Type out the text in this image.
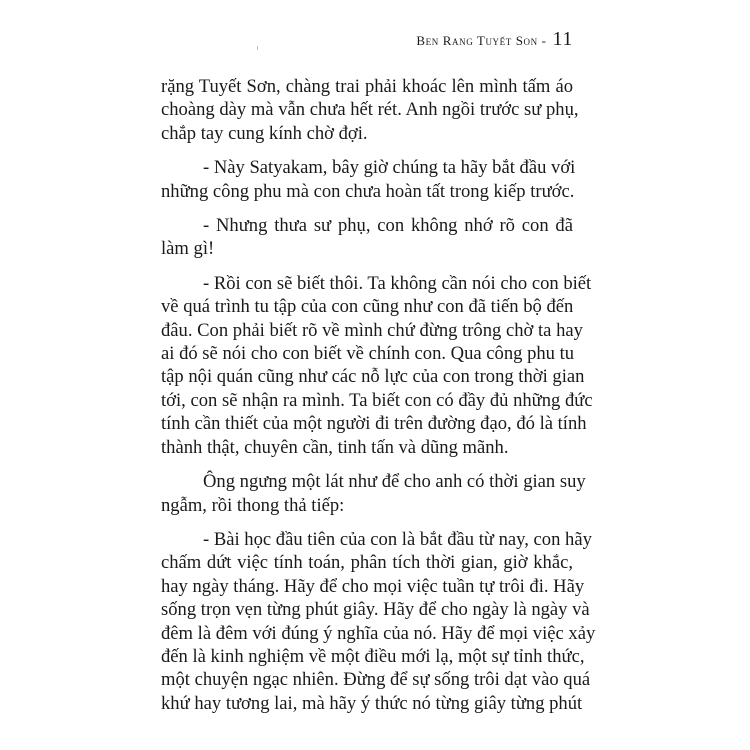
Ben Rang Tuyết Son - 11
rặng Tuyết Sơn, chàng trai phải khoác lên mình tấm áo
choàng dày mà vẫn chưa hết rét. Anh ngồi trước sư phụ,
chắp tay cung kính chờ đợi.
- Này Satyakam, bây giờ chúng ta hãy bắt đầu với
những công phu mà con chưa hoàn tất trong kiếp trước.
- Nhưng thưa sư phụ, con không nhớ rõ con đã
làm gì!
- Rồi con sẽ biết thôi. Ta không cần nói cho con biết
về quá trình tu tập của con cũng như con đã tiến bộ đến
đâu. Con phải biết rõ về mình chứ đừng trông chờ ta hay
ai đó sẽ nói cho con biết về chính con. Qua công phu tu
tập nội quán cũng như các nỗ lực của con trong thời gian
tới, con sẽ nhận ra mình. Ta biết con có đầy đủ những đức
tính cần thiết của một người đi trên đường đạo, đó là tính
thành thật, chuyên cần, tinh tấn và dũng mãnh.
Ông ngưng một lát như để cho anh có thời gian suy
ngẫm, rồi thong thả tiếp:
- Bài học đầu tiên của con là bắt đầu từ nay, con hãy
chấm dứt việc tính toán, phân tích thời gian, giờ khắc,
hay ngày tháng. Hãy để cho mọi việc tuần tự trôi đi. Hãy
sống trọn vẹn từng phút giây. Hãy để cho ngày là ngày và
đêm là đêm với đúng ý nghĩa của nó. Hãy để mọi việc xảy
đến là kinh nghiệm về một điều mới lạ, một sự tỉnh thức,
một chuyện ngạc nhiên. Đừng để sự sống trôi dạt vào quá
khứ hay tương lai, mà hãy ý thức nó từng giây từng phút
